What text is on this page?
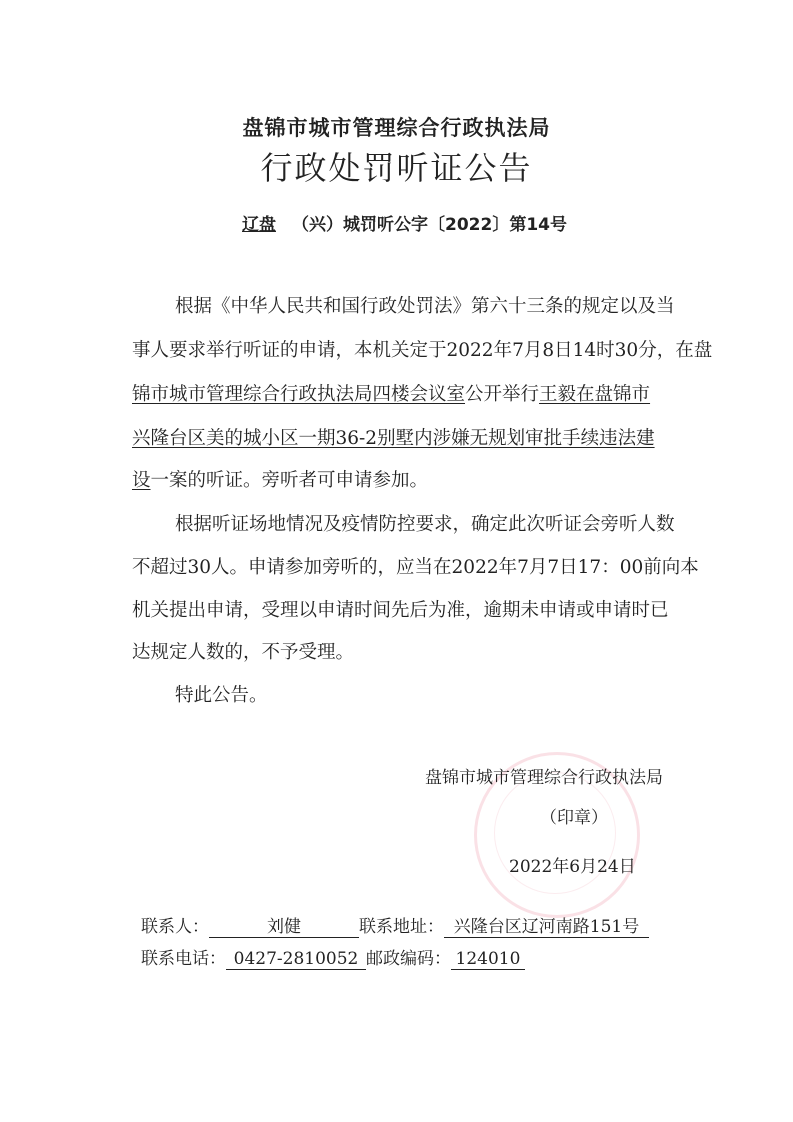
盘锦市城市管理综合行政执法局
行政处罚听证公告
辽盘 （兴）城罚听公字〔2022〕第14号
根据《中华人民共和国行政处罚法》第六十三条的规定以及当
事人要求举行听证的申请，本机关定于2022年7月8日14时30分，在盘
锦市城市管理综合行政执法局四楼会议室公开举行王毅在盘锦市
兴隆台区美的城小区一期36-2别墅内涉嫌无规划审批手续违法建
设一案的听证。旁听者可申请参加。
根据听证场地情况及疫情防控要求，确定此次听证会旁听人数
不超过30人。申请参加旁听的，应当在2022年7月7日17：00前向本
机关提出申请，受理以申请时间先后为准，逾期未申请或申请时已
达规定人数的，不予受理。
特此公告。
盘锦市城市管理综合行政执法局
（印章）
2022年6月24日
联系人：	刘健	联系地址： 兴隆台区辽河南路151号
联系电话： 0427-2810052 邮政编码： 124010
